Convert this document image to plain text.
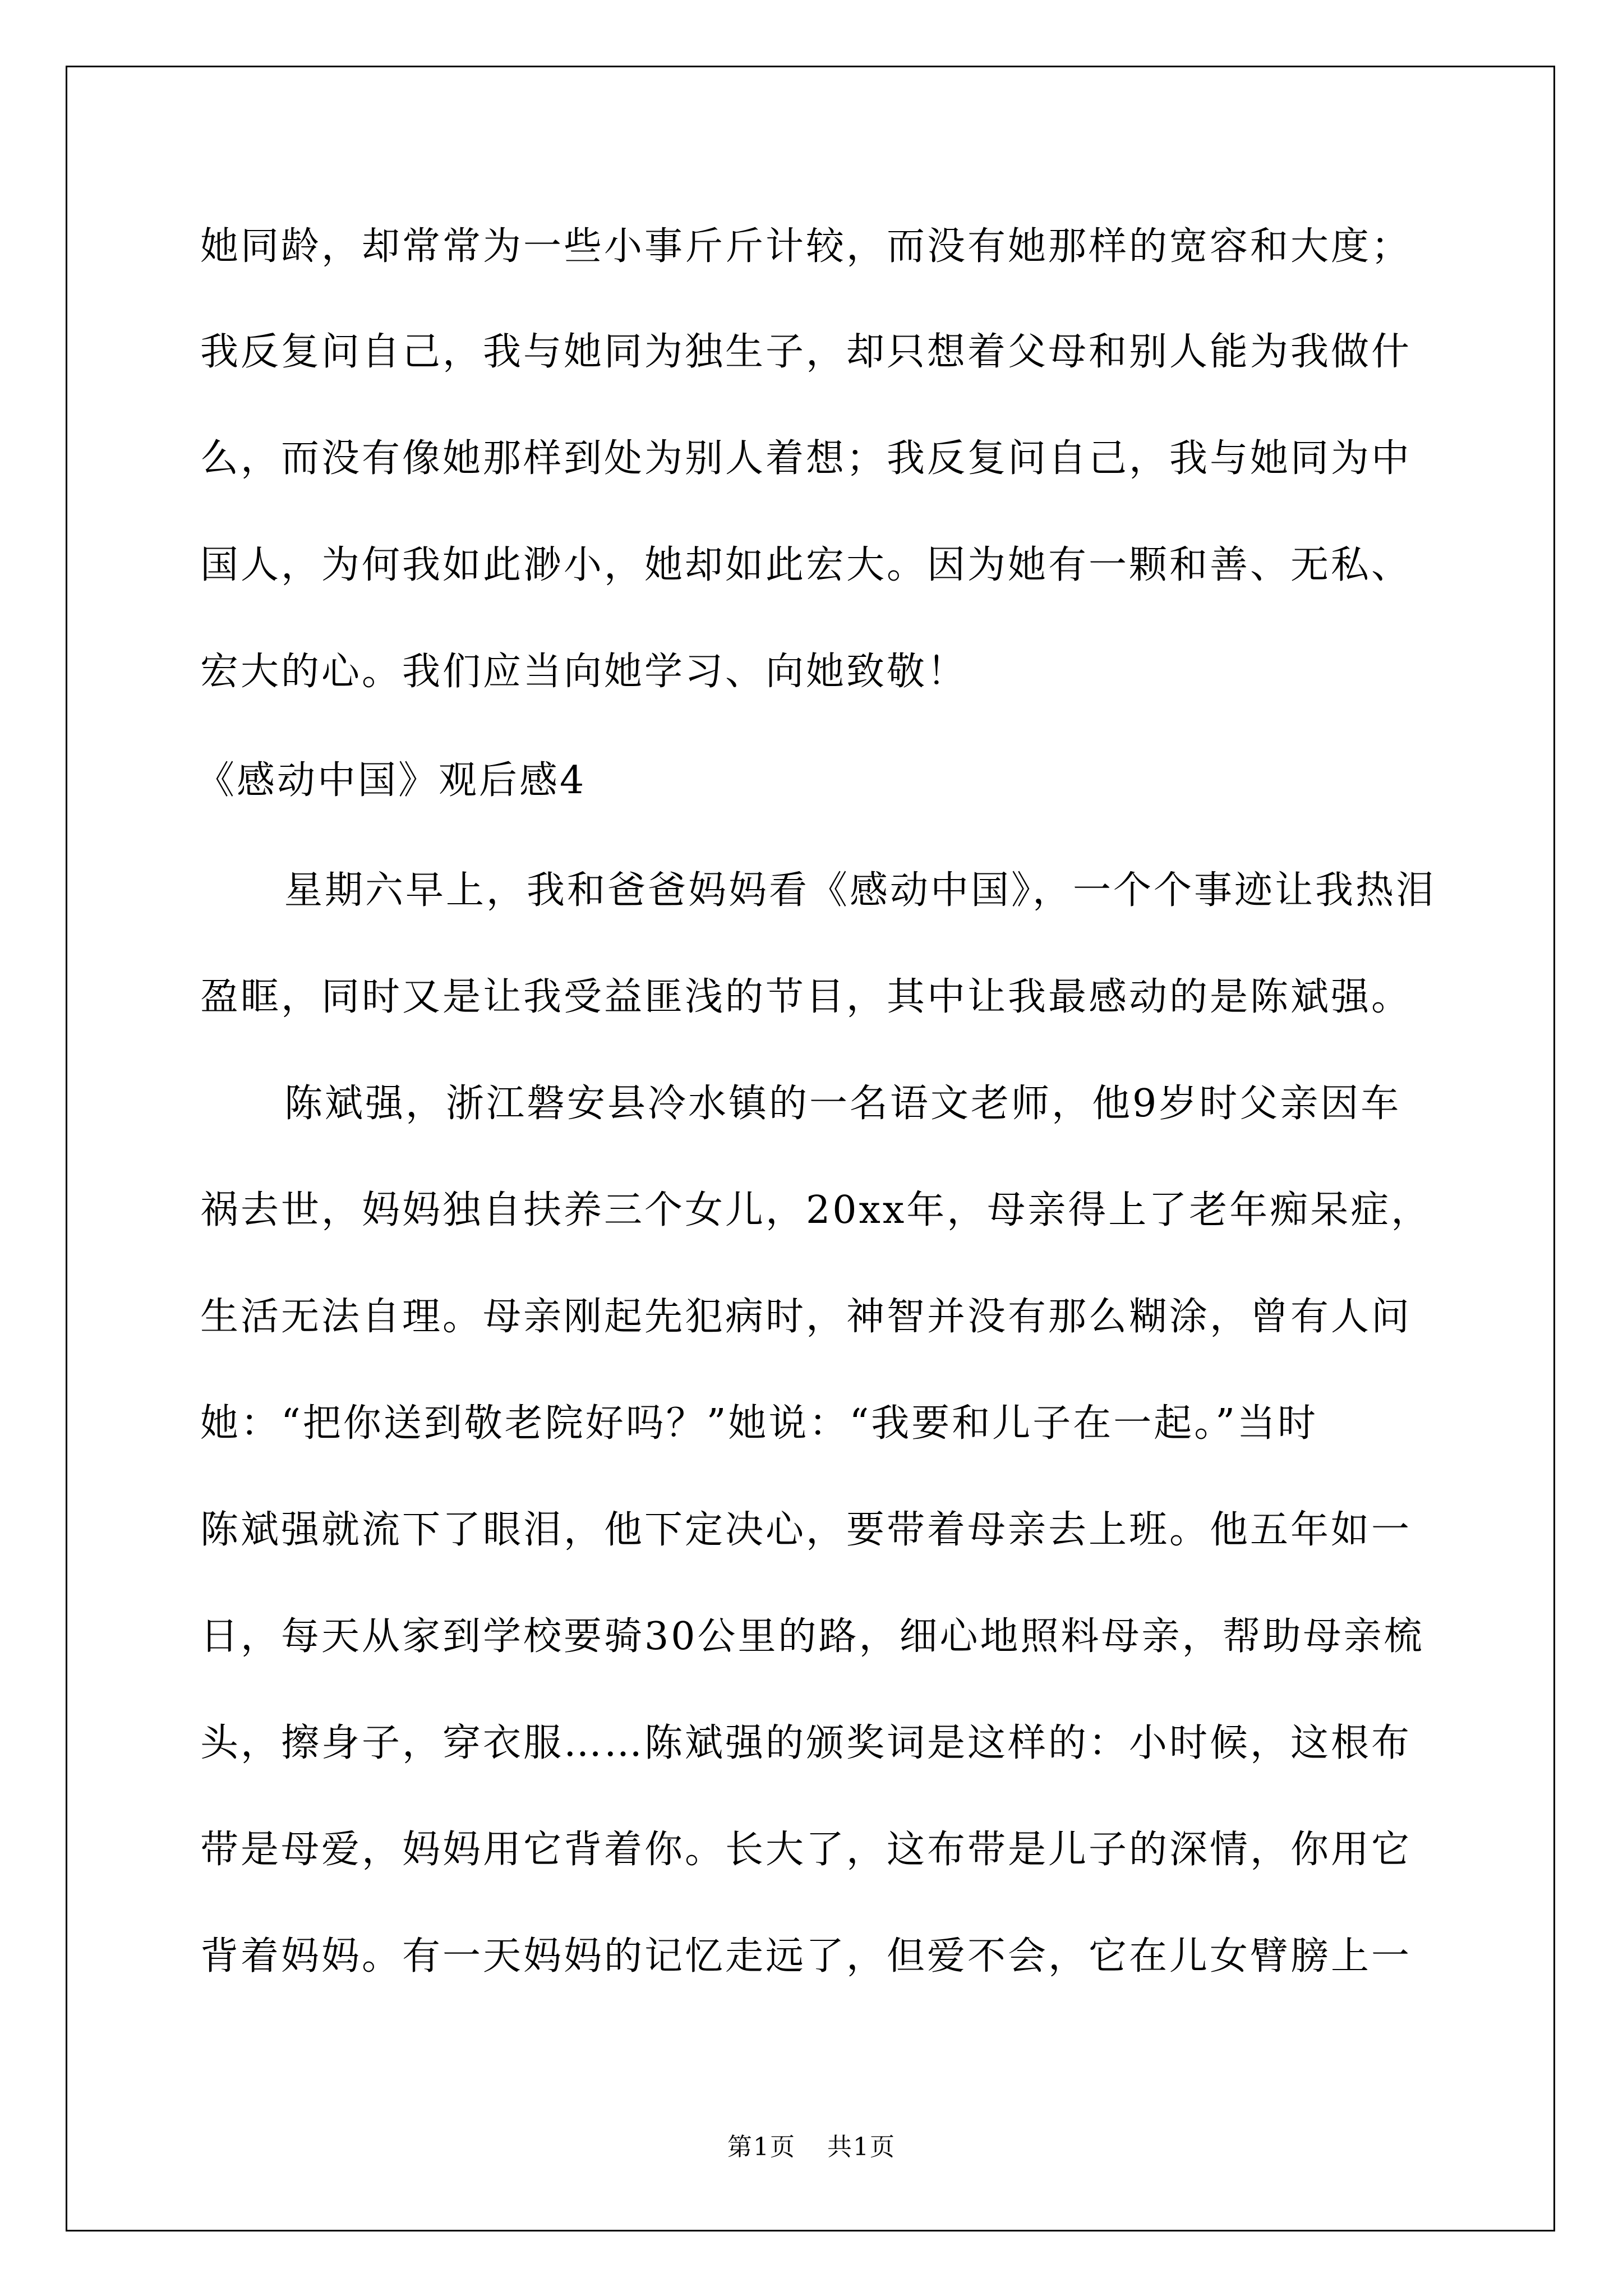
她同龄，却常常为一些小事斤斤计较，而没有她那样的宽容和大度；
我反复问自己，我与她同为独生子，却只想着父母和别人能为我做什
么，而没有像她那样到处为别人着想；我反复问自己，我与她同为中
国人，为何我如此渺小，她却如此宏大。因为她有一颗和善、无私、
宏大的心。我们应当向她学习、向她致敬！
《感动中国》观后感4
星期六早上，我和爸爸妈妈看《感动中国》，一个个事迹让我热泪
盈眶，同时又是让我受益匪浅的节目，其中让我最感动的是陈斌强。
陈斌强，浙江磐安县冷水镇的一名语文老师，他9岁时父亲因车
祸去世，妈妈独自扶养三个女儿，20xx年，母亲得上了老年痴呆症，
生活无法自理。母亲刚起先犯病时，神智并没有那么糊涂，曾有人问
她：“把你送到敬老院好吗？”她说：“我要和儿子在一起。”当时
陈斌强就流下了眼泪，他下定决心，要带着母亲去上班。他五年如一
日，每天从家到学校要骑30公里的路，细心地照料母亲，帮助母亲梳
头，擦身子，穿衣服……陈斌强的颁奖词是这样的：小时候，这根布
带是母爱，妈妈用它背着你。长大了，这布带是儿子的深情，你用它
背着妈妈。有一天妈妈的记忆走远了，但爱不会，它在儿女臂膀上一
第1页 共1页
